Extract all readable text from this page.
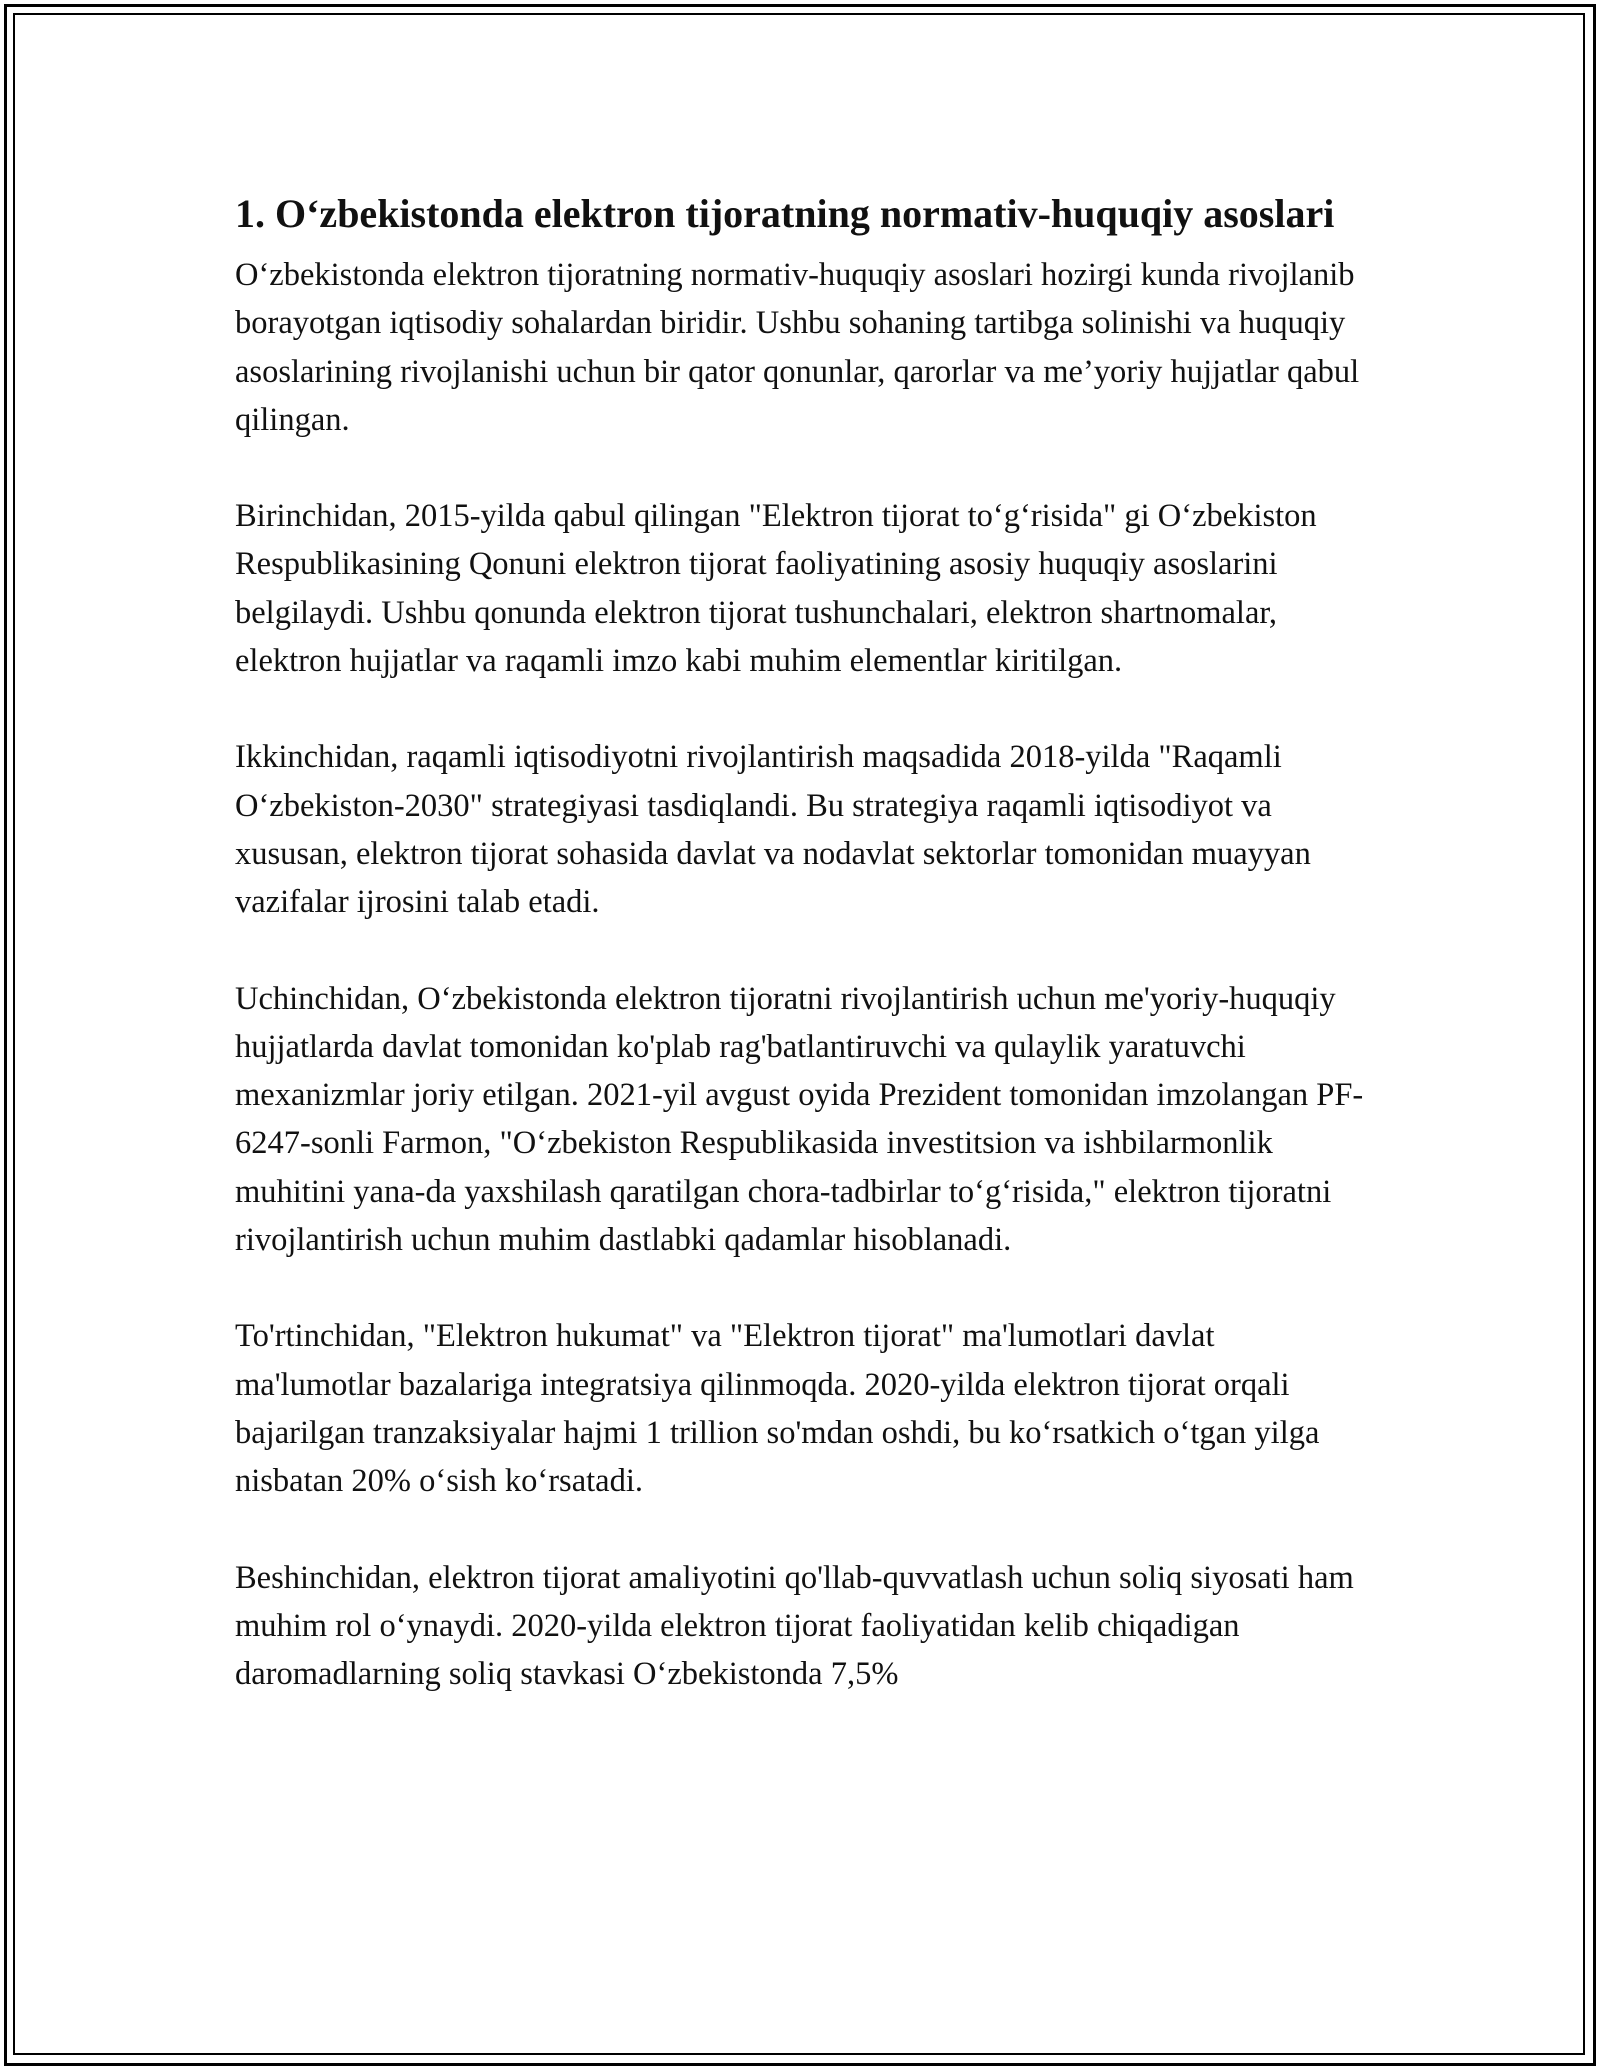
1. O‘zbekistonda elektron tijoratning normativ-huquqiy asoslari

O‘zbekistonda elektron tijoratning normativ-huquqiy asoslari hozirgi kunda rivojlanib borayotgan iqtisodiy sohalardan biridir. Ushbu sohaning tartibga solinishi va huquqiy asoslarining rivojlanishi uchun bir qator qonunlar, qarorlar va me’yoriy hujjatlar qabul qilingan.

Birinchidan, 2015-yilda qabul qilingan "Elektron tijorat to‘g‘risida" gi O‘zbekiston Respublikasining Qonuni elektron tijorat faoliyatining asosiy huquqiy asoslarini belgilaydi. Ushbu qonunda elektron tijorat tushunchalari, elektron shartnomalar, elektron hujjatlar va raqamli imzo kabi muhim elementlar kiritilgan.

Ikkinchidan, raqamli iqtisodiyotni rivojlantirish maqsadida 2018-yilda "Raqamli O‘zbekiston-2030" strategiyasi tasdiqlandi. Bu strategiya raqamli iqtisodiyot va xususan, elektron tijorat sohasida davlat va nodavlat sektorlar tomonidan muayyan vazifalar ijrosini talab etadi.

Uchinchidan, O‘zbekistonda elektron tijoratni rivojlantirish uchun me'yoriy-huquqiy hujjatlarda davlat tomonidan ko'plab rag'batlantiruvchi va qulaylik yaratuvchi mexanizmlar joriy etilgan. 2021-yil avgust oyida Prezident tomonidan imzolangan PF-6247-sonli Farmon, "O‘zbekiston Respublikasida investitsion va ishbilarmonlik muhitini yana-da yaxshilash qaratilgan chora-tadbirlar to‘g‘risida," elektron tijoratni rivojlantirish uchun muhim dastlabki qadamlar hisoblanadi.

To'rtinchidan, "Elektron hukumat" va "Elektron tijorat" ma'lumotlari davlat ma'lumotlar bazalariga integratsiya qilinmoqda. 2020-yilda elektron tijorat orqali bajarilgan tranzaksiyalar hajmi 1 trillion so'mdan oshdi, bu ko‘rsatkich o‘tgan yilga nisbatan 20% o‘sish ko‘rsatadi.

Beshinchidan, elektron tijorat amaliyotini qo'llab-quvvatlash uchun soliq siyosati ham muhim rol o‘ynaydi. 2020-yilda elektron tijorat faoliyatidan kelib chiqadigan daromadlarning soliq stavkasi O‘zbekistonda 7,5%
